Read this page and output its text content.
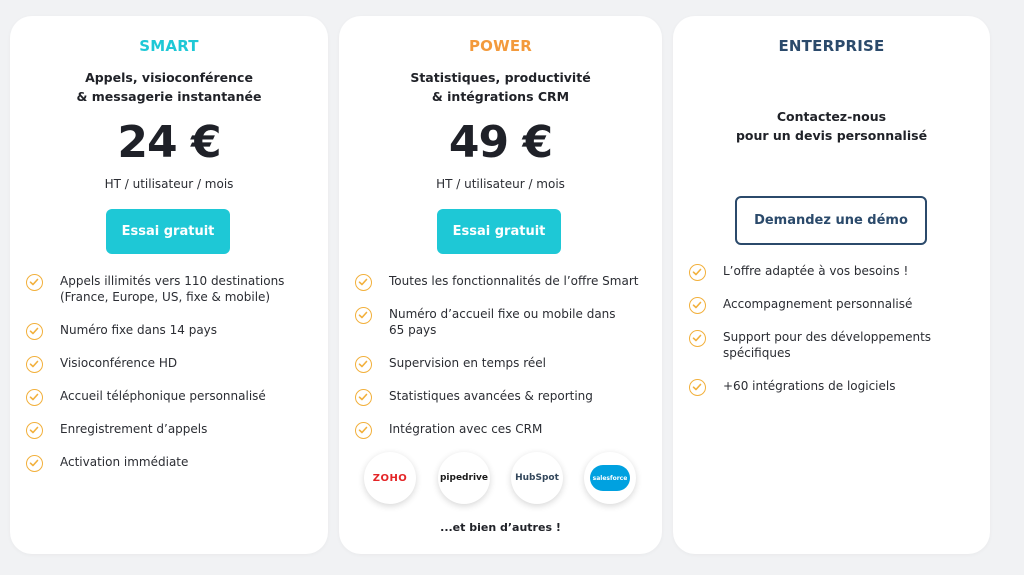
SMART
Appels, visioconférence
& messagerie instantanée
24 €
HT / utilisateur / mois
Essai gratuit
Appels illimités vers 110 destinations
(France, Europe, US, fixe & mobile)
Numéro fixe dans 14 pays
Visioconférence HD
Accueil téléphonique personnalisé
Enregistrement d’appels
Activation immédiate
POWER
Statistiques, productivité
& intégrations CRM
49 €
HT / utilisateur / mois
Essai gratuit
Toutes les fonctionnalités de l’offre Smart
Numéro d’accueil fixe ou mobile dans
65 pays
Supervision en temps réel
Statistiques avancées & reporting
Intégration avec ces CRM
ZOHO	pipedrive	HubSpot	salesforce
...et bien d’autres !
ENTERPRISE
Contactez-nous
pour un devis personnalisé
Demandez une démo
L’offre adaptée à vos besoins !
Accompagnement personnalisé
Support pour des développements
spécifiques
+60 intégrations de logiciels
